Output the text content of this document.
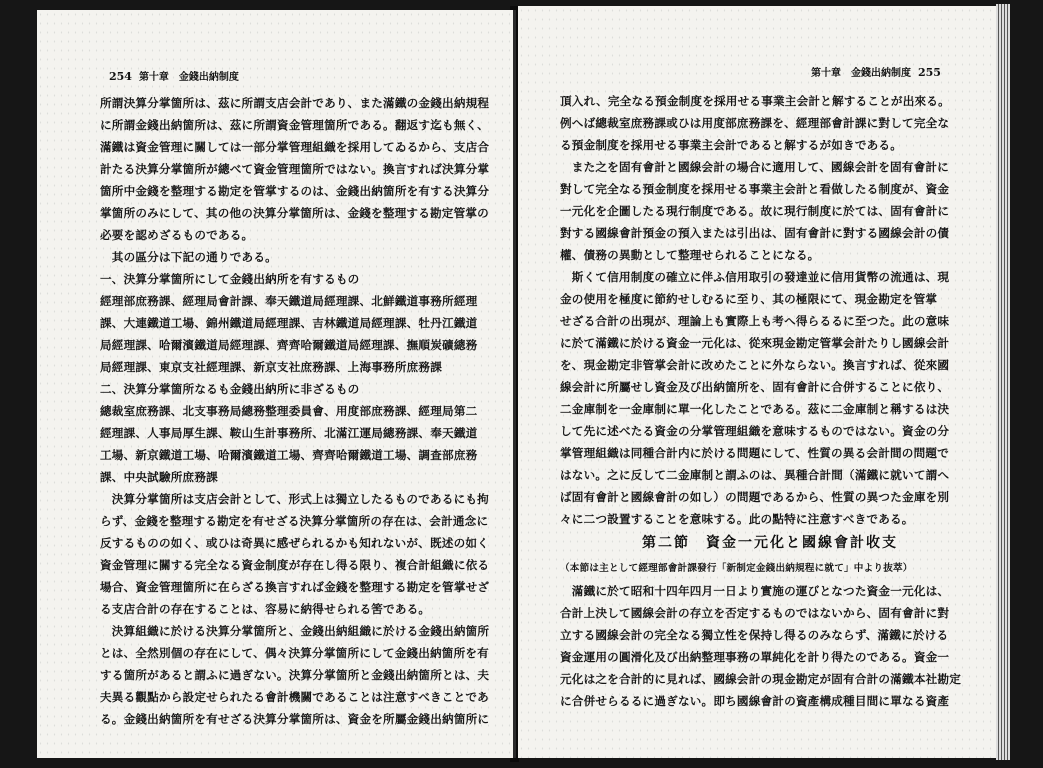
254 第十章　金錢出納制度
所謂決算分掌箇所は、茲に所謂支店会計であり、また滿鐵の金錢出納規程
に所謂金錢出納箇所は、茲に所謂資金管理箇所である。翻返す迄も無く、
滿鐵は資金管理に關しては一部分掌管理組織を採用してゐるから、支店合
計たる決算分掌箇所が總べて資金管理箇所ではない。換言すれば決算分掌
箇所中金錢を整理する勘定を管掌するのは、金錢出納箇所を有する決算分
掌箇所のみにして、其の他の決算分掌箇所は、金錢を整理する勘定管掌の
必要を認めざるものである。
　其の區分は下記の通りである。
一、決算分掌箇所にして金錢出納所を有するもの
經理部庶務課、經理局會計課、奉天鐵道局經理課、北鮮鐵道事務所經理
課、大連鐵道工場、錦州鐵道局經理課、吉林鐵道局經理課、牡丹江鐵道
局經理課、哈爾濱鐵道局經理課、齊齊哈爾鐵道局經理課、撫順炭礦總務
局經理課、東京支社經理課、新京支社庶務課、上海事務所庶務課
二、決算分掌箇所なるも金錢出納所に非ざるもの
總裁室庶務課、北支事務局總務整理委員會、用度部庶務課、經理局第二
經理課、人事局厚生課、鞍山生計事務所、北滿江運局總務課、奉天鐵道
工場、新京鐵道工場、哈爾濱鐵道工場、齊齊哈爾鐵道工場、調查部庶務
課、中央試驗所庶務課
　決算分掌箇所は支店会計として、形式上は獨立したるものであるにも拘
らず、金錢を整理する勘定を有せざる決算分掌箇所の存在は、会計通念に
反するものの如く、或ひは奇異に感ぜられるかも知れないが、既述の如く
資金管理に關する完全なる資金制度が存在し得る限り、複合計組織に依る
場合、資金管理箇所に在らざる換言すれば金錢を整理する勘定を管掌せざ
る支店合計の存在することは、容易に納得せられる筈である。
　決算組織に於ける決算分掌箇所と、金錢出納組織に於ける金錢出納箇所
とは、全然別個の存在にして、偶々決算分掌箇所にして金錢出納箇所を有
する箇所があると謂ふに過ぎない。決算分掌箇所と金錢出納箇所とは、夫
夫異る觀點から設定せられたる會計機關であることは注意すべきことであ
る。金錢出納箇所を有せざる決算分掌箇所は、資金を所屬金錢出納箇所に
第十章　金錢出納制度 255
頂入れ、完全なる預金制度を採用せる事業主会計と解することが出來る。
例へば總裁室庶務課或ひは用度部庶務課を、經理部會計課に對して完全な
る預金制度を採用せる事業主会計であると解するが如きである。
　また之を固有會計と國線会計の場合に適用して、國線会計を固有會計に
對して完全なる預金制度を採用せる事業主会計と看做したる制度が、資金
一元化を企圖したる現行制度である。故に現行制度に於ては、固有會計に
對する國線會計預金の預入または引出は、固有會計に對する國線会計の債
權、債務の異動として整理せられることになる。
　斯くて信用制度の確立に伴ふ信用取引の發達並に信用貨幣の流通は、現
金の使用を極度に節約せしむるに至り、其の極限にて、現金勘定を管掌
せざる合計の出現が、理論上も實際上も考へ得らるるに至つた。此の意味
に於て滿鐵に於ける資金一元化は、從來現金勘定管掌会計たりし國線会計
を、現金勘定非管掌会計に改めたことに外ならない。換言すれば、從來國
線会計に所屬せし資金及び出納箇所を、固有會計に合併することに依り、
二金庫制を一金庫制に單一化したことである。茲に二金庫制と稱するは決
して先に述べたる資金の分掌管理組織を意味するものではない。資金の分
掌管理組織は同種合計内に於ける問題にして、性質の異る会計間の問題で
はない。之に反して二金庫制と謂ふのは、異種合計間（滿鐵に就いて謂へ
ば固有會計と國線會計の如し）の問題であるから、性質の異つた金庫を別
々に二つ設置することを意味する。此の點特に注意すべきである。
第二節　資金一元化と國線會計收支
（本節は主として經理部會計課發行「新制定金錢出納規程に就て」中より抜萃）
　滿鐵に於て昭和十四年四月一日より實施の運びとなつた資金一元化は、
合計上決して國線会計の存立を否定するものではないから、固有會計に對
立する國線会計の完全なる獨立性を保持し得るのみならず、滿鐵に於ける
資金運用の圓滑化及び出納整理事務の單純化を計り得たのである。資金一
元化は之を合計的に見れば、國線会計の現金勘定が固有合計の滿鐵本社勘定
に合併せらるるに過ぎない。即ち國線會計の資產構成種目間に單なる資產
